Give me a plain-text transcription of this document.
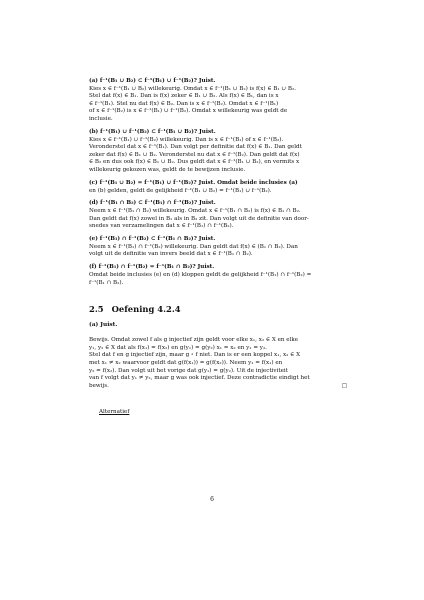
(a) f⁻¹(B₁ ∪ B₂) ⊂ f⁻¹(B₁) ∪ f⁻¹(B₂)? Juist.
Kies x ∈ f⁻¹(B₁ ∪ B₂) willekeurig. Omdat x ∈ f⁻¹(B₁ ∪ B₂) is f(x) ∈ B₁ ∪ B₂.
Stel dat f(x) ∈ B₁. Dan is f(x) zeker ∈ B₁ ∪ B₂. Als f(x) ∈ B₁, dan is x
∈ f⁻¹(B₁). Stel nu dat f(x) ∈ B₂. Dan is x ∈ f⁻¹(B₂). Omdat x ∈ f⁻¹(B₁)
of x ∈ f⁻¹(B₂) is x ∈ f⁻¹(B₁) ∪ f⁻¹(B₂). Omdat x willekeurig was geldt de
inclusie.
(b) f⁻¹(B₁) ∪ f⁻¹(B₂) ⊂ f⁻¹(B₁ ∪ B₂)? Juist.
Kies x ∈ f⁻¹(B₁) ∪ f⁻¹(B₂) willekeurig. Dan is x ∈ f⁻¹(B₁) of x ∈ f⁻¹(B₂).
Veronderstel dat x ∈ f⁻¹(B₁). Dan volgt per definitie dat f(x) ∈ B₁. Dan geldt
zeker dat f(x) ∈ B₁ ∪ B₂. Veronderstel nu dat x ∈ f⁻¹(B₂). Dan geldt dat f(x)
∈ B₂ en dus ook f(x) ∈ B₁ ∪ B₂. Dus geldt dat x ∈ f⁻¹(B₁ ∪ B₂), en vermits x
willekeurig gekozen was, geldt de te bewijzen inclusie.
(c) f⁻¹(B₁ ∪ B₂) = f⁻¹(B₁) ∪ f⁻¹(B₂)? Juist. Omdat beide inclusies (a)
en (b) gelden, geldt de gelijkheid f⁻¹(B₁ ∪ B₂) = f⁻¹(B₁) ∪ f⁻¹(B₂).
(d) f⁻¹(B₁ ∩ B₂) ⊂ f⁻¹(B₁) ∩ f⁻¹(B₂)? Juist.
Neem x ∈ f⁻¹(B₁ ∩ B₂) willekeurig. Omdat x ∈ f⁻¹(B₁ ∩ B₂) is f(x) ∈ B₁ ∩ B₂.
Dan geldt dat f(x) zowel in B₁ als in B₂ zit. Dan volgt uit de definitie van door-
snedes van verzamelingen dat x ∈ f⁻¹(B₁) ∩ f⁻¹(B₂).
(e) f⁻¹(B₁) ∩ f⁻¹(B₂) ⊂ f⁻¹(B₁ ∩ B₂)? Juist.
Neem x ∈ f⁻¹(B₁) ∩ f⁻¹(B₂) willekeurig. Dan geldt dat f(x) ∈ (B₁ ∩ B₂). Dan
volgt uit de definitie van invers beeld dat x ∈ f⁻¹(B₁ ∩ B₂).
(f) f⁻¹(B₁) ∩ f⁻¹(B₂) = f⁻¹(B₁ ∩ B₂)? Juist.
Omdat beide inclusies (e) en (d) kloppen geldt de gelijkheid f⁻¹(B₁) ∩ f⁻¹(B₂) =
f⁻¹(B₁ ∩ B₂).
2.5 Oefening 4.2.4
(a) Juist.
Bewijs. Omdat zowel f als g injectief zijn geldt voor elke x₁, x₂ ∈ X en elke
y₁, y₂ ∈ X dat als f(x₁) = f(x₂) en g(y₁) = g(y₂) x₁ = x₂ en y₁ = y₂.
Stel dat f en g injectief zijn, maar g ∘ f niet. Dan is er een koppel x₁, x₂ ∈ X
met x₁ ≠ x₂ waarvoor geldt dat g(f(x₁)) = g(f(x₂)). Neem y₁ = f(x₁) en
y₂ = f(x₂). Dan volgt uit het vorige dat g(y₁) = g(y₂). Uit de injectiviteit
van f volgt dat y₁ ≠ y₂, maar g was ook injectief. Deze contradictie eindigt het
bewijs.	□
Alternatief
6
